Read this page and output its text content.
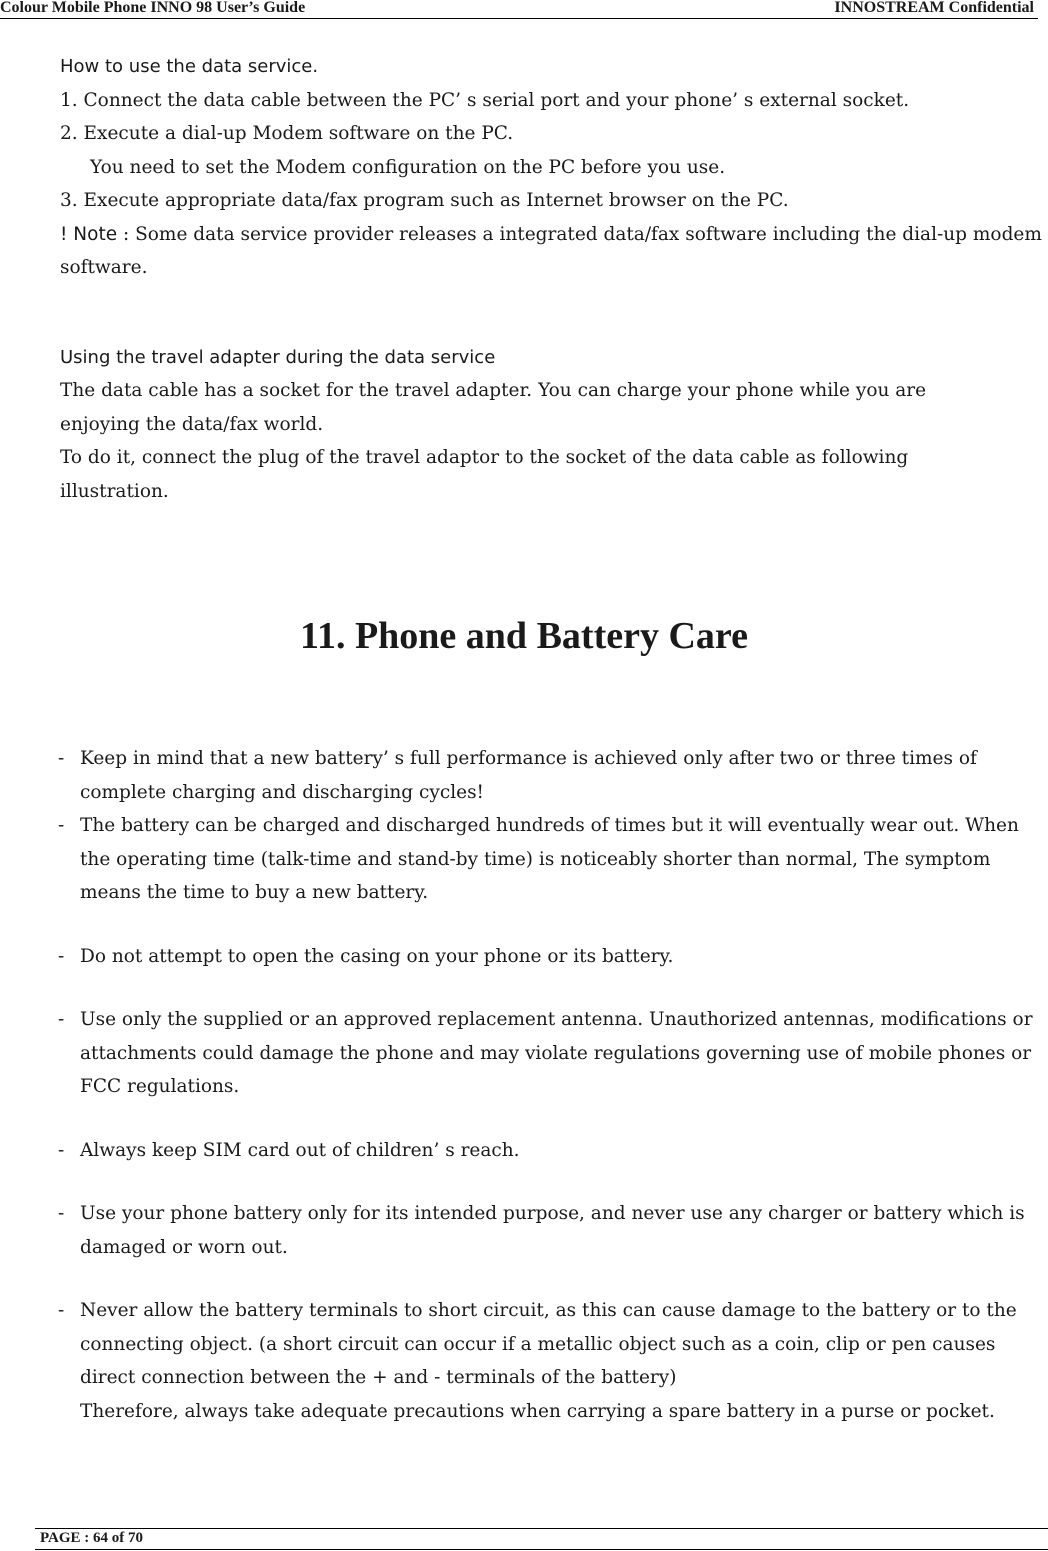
Colour Mobile Phone INNO 98 User’s Guide	INNOSTREAM Confidential

How to use the data service.

1. Connect the data cable between the PC’ s serial port and your phone’ s external socket.

2. Execute a dial-up Modem software on the PC.

You need to set the Modem configuration on the PC before you use.

3. Execute appropriate data/fax program such as Internet browser on the PC.

! Note : Some data service provider releases a integrated data/fax software including the dial-up modem software.

Using the travel adapter during the data service

The data cable has a socket for the travel adapter. You can charge your phone while you are enjoying the data/fax world.

To do it, connect the plug of the travel adaptor to the socket of the data cable as following illustration.

11. Phone and Battery Care
- Keep in mind that a new battery’ s full performance is achieved only after two or three times of complete charging and discharging cycles!
- The battery can be charged and discharged hundreds of times but it will eventually wear out. When the operating time (talk-time and stand-by time) is noticeably shorter than normal, The symptom means the time to buy a new battery.
- Do not attempt to open the casing on your phone or its battery.
- Use only the supplied or an approved replacement antenna. Unauthorized antennas, modifications or attachments could damage the phone and may violate regulations governing use of mobile phones or FCC regulations.
- Always keep SIM card out of children’ s reach.
- Use your phone battery only for its intended purpose, and never use any charger or battery which is damaged or worn out.
- Never allow the battery terminals to short circuit, as this can cause damage to the battery or to the connecting object. (a short circuit can occur if a metallic object such as a coin, clip or pen causes direct connection between the + and - terminals of the battery)
Therefore, always take adequate precautions when carrying a spare battery in a purse or pocket.
PAGE : 64 of 70
